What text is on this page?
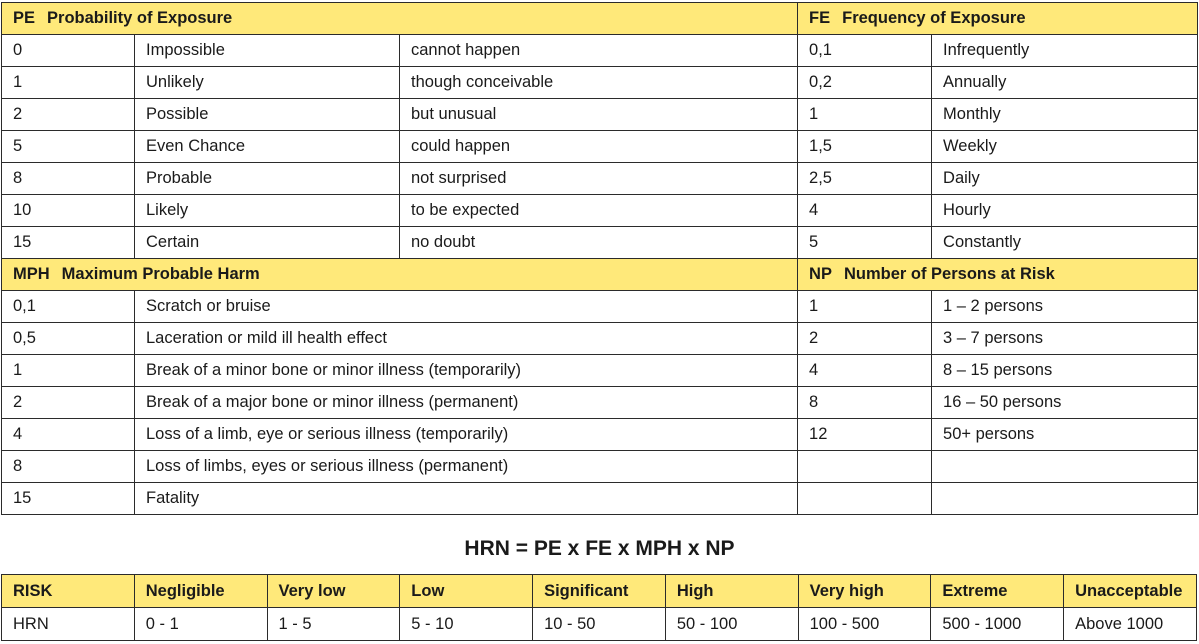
PE Probability of Exposure			FE Frequency of Exposure	
0	Impossible	cannot happen	0,1	Infrequently
1	Unlikely	though conceivable	0,2	Annually
2	Possible	but unusual	1	Monthly
5	Even Chance	could happen	1,5	Weekly
8	Probable	not surprised	2,5	Daily
10	Likely	to be expected	4	Hourly
15	Certain	no doubt	5	Constantly
MPH Maximum Probable Harm			NP Number of Persons at Risk	
0,1	Scratch or bruise		1	1 – 2 persons
0,5	Laceration or mild ill health effect		2	3 – 7 persons
1	Break of a minor bone or minor illness (temporarily)		4	8 – 15 persons
2	Break of a major bone or minor illness (permanent)		8	16 – 50 persons
4	Loss of a limb, eye or serious illness (temporarily)		12	50+ persons
8	Loss of limbs, eyes or serious illness (permanent)			
15	Fatality			
HRN = PE x FE x MPH x NP
RISK	Negligible	Very low	Low	Significant	High	Very high	Extreme	Unacceptable
HRN	0 - 1	1 - 5	5 - 10	10 - 50	50 - 100	100 - 500	500 - 1000	Above 1000
